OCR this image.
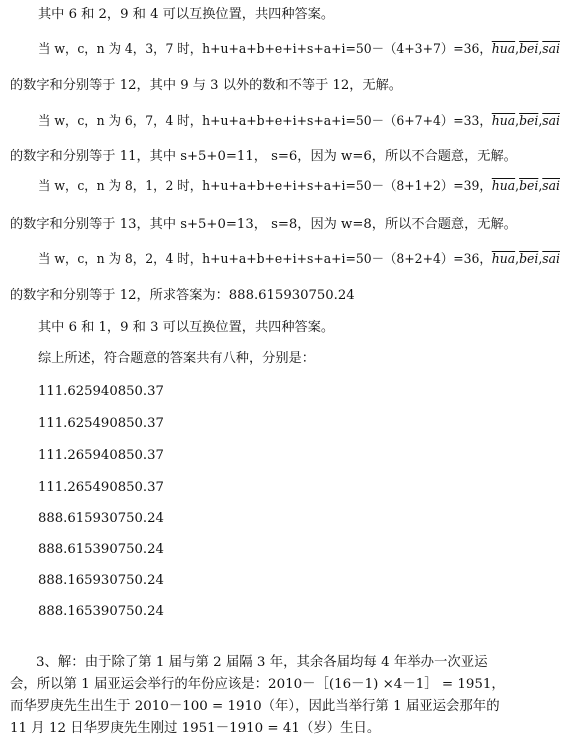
其中 6 和 2，9 和 4 可以互换位置，共四种答案。
当 w，c，n 为 4，3，7 时，h+u+a+b+e+i+s+a+i=50－（4+3+7）=36，$\overline{hua},\overline{bei},\overline{sai}$
的数字和分别等于 12，其中 9 与 3 以外的数和不等于 12，无解。
当 w，c，n 为 6，7，4 时，h+u+a+b+e+i+s+a+i=50－（6+7+4）=33，$\overline{hua},\overline{bei},\overline{sai}$
的数字和分别等于 11，其中 s+5+0=11， s=6，因为 w=6，所以不合题意，无解。
当 w，c，n 为 8，1，2 时，h+u+a+b+e+i+s+a+i=50－（8+1+2）=39，$\overline{hua},\overline{bei},\overline{sai}$
的数字和分别等于 13，其中 s+5+0=13， s=8，因为 w=8，所以不合题意，无解。
当 w，c，n 为 8，2，4 时，h+u+a+b+e+i+s+a+i=50－（8+2+4）=36，$\overline{hua},\overline{bei},\overline{sai}$
的数字和分别等于 12，所求答案为：888.615930750.24
其中 6 和 1，9 和 3 可以互换位置，共四种答案。
综上所述，符合题意的答案共有八种，分别是：
111.625940850.37
111.625490850.37
111.265940850.37
111.265490850.37
888.615930750.24
888.615390750.24
888.165930750.24
888.165390750.24
3、解：由于除了第 1 届与第 2 届隔 3 年，其余各届均每 4 年举办一次亚运
会，所以第 1 届亚运会举行的年份应该是：2010－［(16－1) ×4－1］ = 1951，
而华罗庚先生出生于 2010－100 = 1910（年），因此当举行第 1 届亚运会那年的
11 月 12 日华罗庚先生刚过 1951－1910 = 41（岁）生日。
